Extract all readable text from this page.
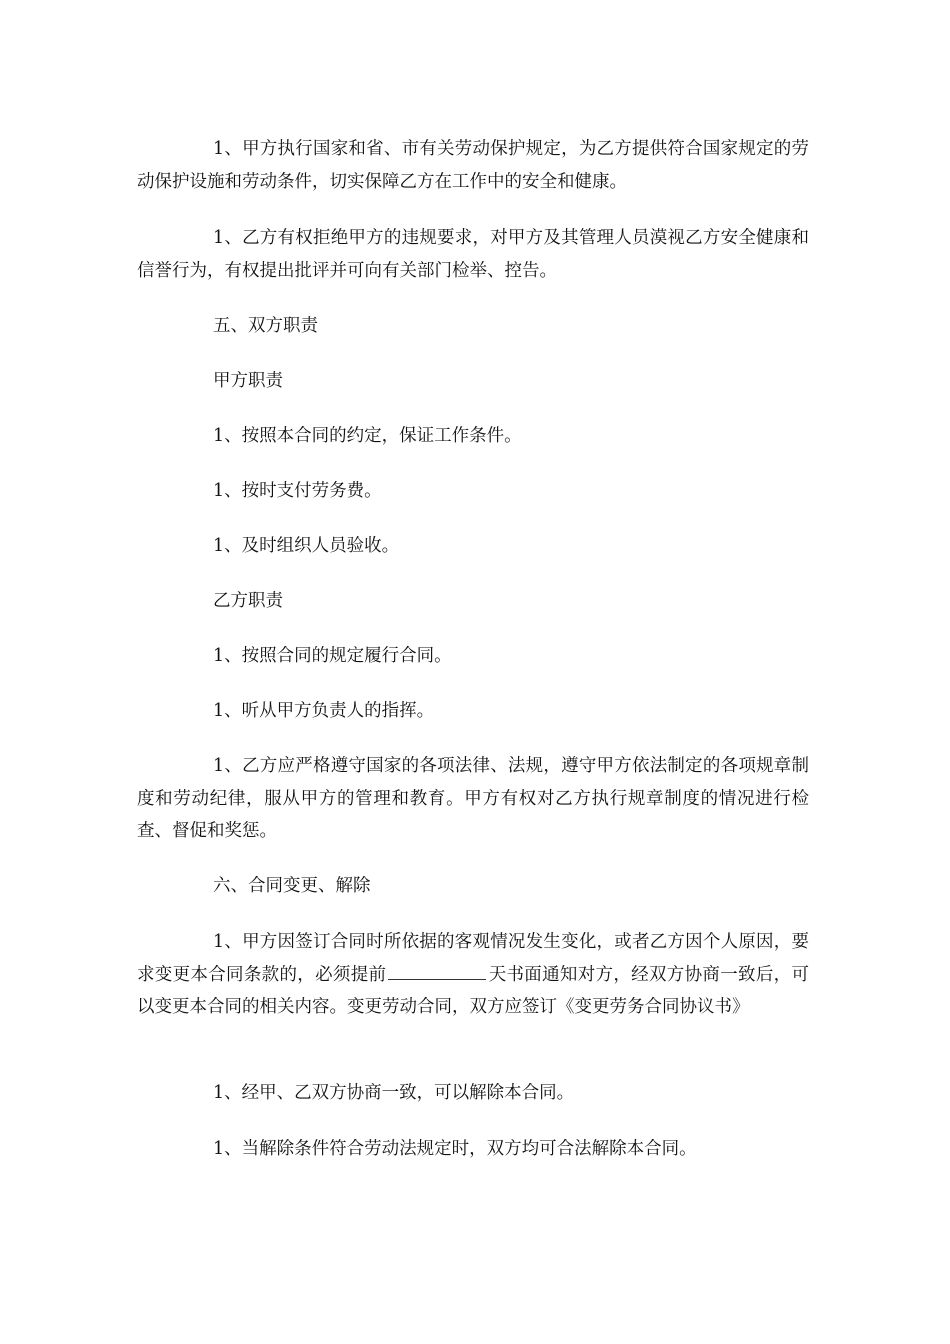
1、甲方执行国家和省、市有关劳动保护规定，为乙方提供符合国家规定的劳动保护设施和劳动条件，切实保障乙方在工作中的安全和健康。

1、乙方有权拒绝甲方的违规要求，对甲方及其管理人员漠视乙方安全健康和信誉行为，有权提出批评并可向有关部门检举、控告。

五、双方职责

甲方职责

1、按照本合同的约定，保证工作条件。

1、按时支付劳务费。

1、及时组织人员验收。

乙方职责

1、按照合同的规定履行合同。

1、听从甲方负责人的指挥。

1、乙方应严格遵守国家的各项法律、法规，遵守甲方依法制定的各项规章制度和劳动纪律，服从甲方的管理和教育。甲方有权对乙方执行规章制度的情况进行检查、督促和奖惩。

六、合同变更、解除

1、甲方因签订合同时所依据的客观情况发生变化，或者乙方因个人原因，要求变更本合同条款的，必须提前	天书面通知对方，经双方协商一致后，可以变更本合同的相关内容。变更劳动合同，双方应签订《变更劳务合同协议书》

1、经甲、乙双方协商一致，可以解除本合同。

1、当解除条件符合劳动法规定时，双方均可合法解除本合同。
